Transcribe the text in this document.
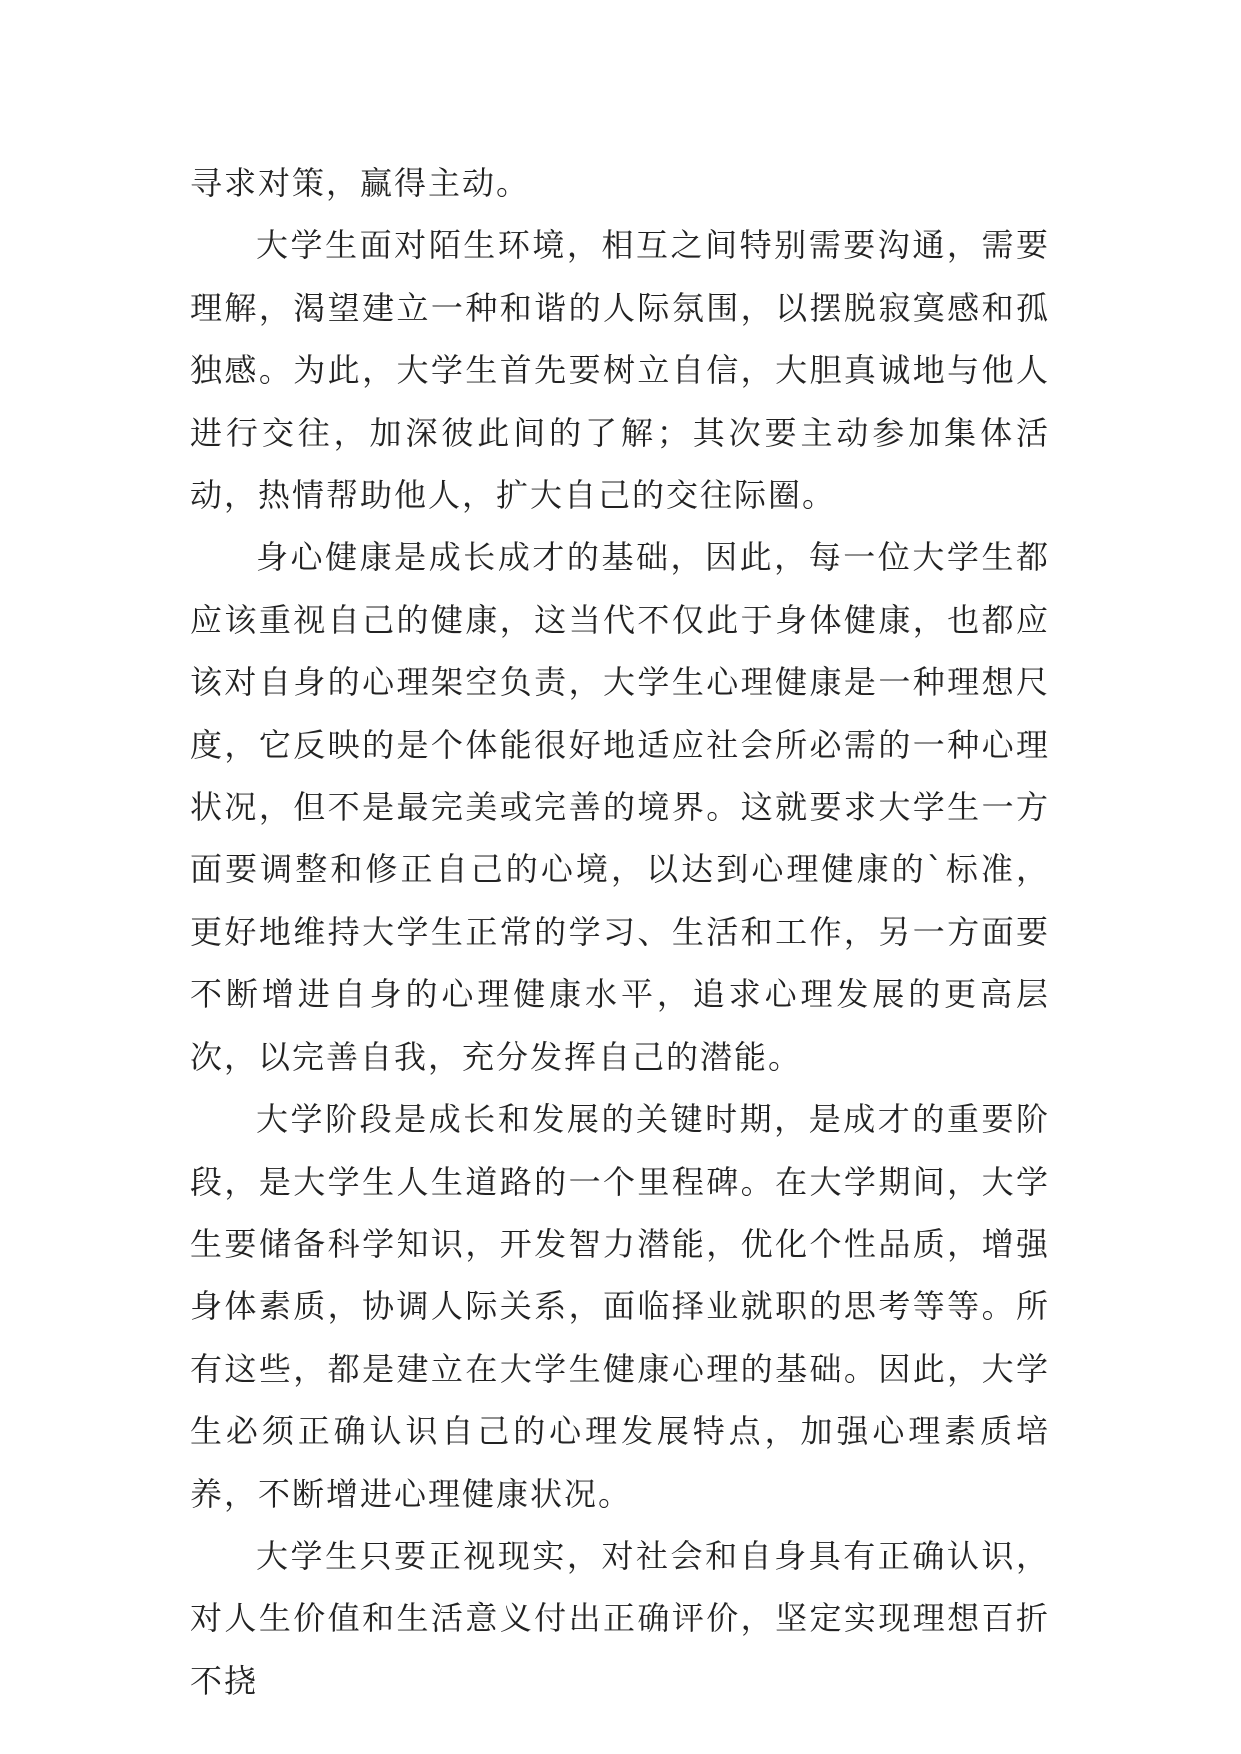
寻求对策，赢得主动。

大学生面对陌生环境，相互之间特别需要沟通，需要理解，渴望建立一种和谐的人际氛围，以摆脱寂寞感和孤独感。为此，大学生首先要树立自信，大胆真诚地与他人进行交往，加深彼此间的了解；其次要主动参加集体活动，热情帮助他人，扩大自己的交往际圈。

身心健康是成长成才的基础，因此，每一位大学生都应该重视自己的健康，这当代不仅此于身体健康，也都应该对自身的心理架空负责，大学生心理健康是一种理想尺度，它反映的是个体能很好地适应社会所必需的一种心理状况，但不是最完美或完善的境界。这就要求大学生一方面要调整和修正自己的心境，以达到心理健康的`标准，更好地维持大学生正常的学习、生活和工作，另一方面要不断增进自身的心理健康水平，追求心理发展的更高层次，以完善自我，充分发挥自己的潜能。

大学阶段是成长和发展的关键时期，是成才的重要阶段，是大学生人生道路的一个里程碑。在大学期间，大学生要储备科学知识，开发智力潜能，优化个性品质，增强身体素质，协调人际关系，面临择业就职的思考等等。所有这些，都是建立在大学生健康心理的基础。因此，大学生必须正确认识自己的心理发展特点，加强心理素质培养，不断增进心理健康状况。

大学生只要正视现实，对社会和自身具有正确认识，对人生价值和生活意义付出正确评价，坚定实现理想百折不挠
